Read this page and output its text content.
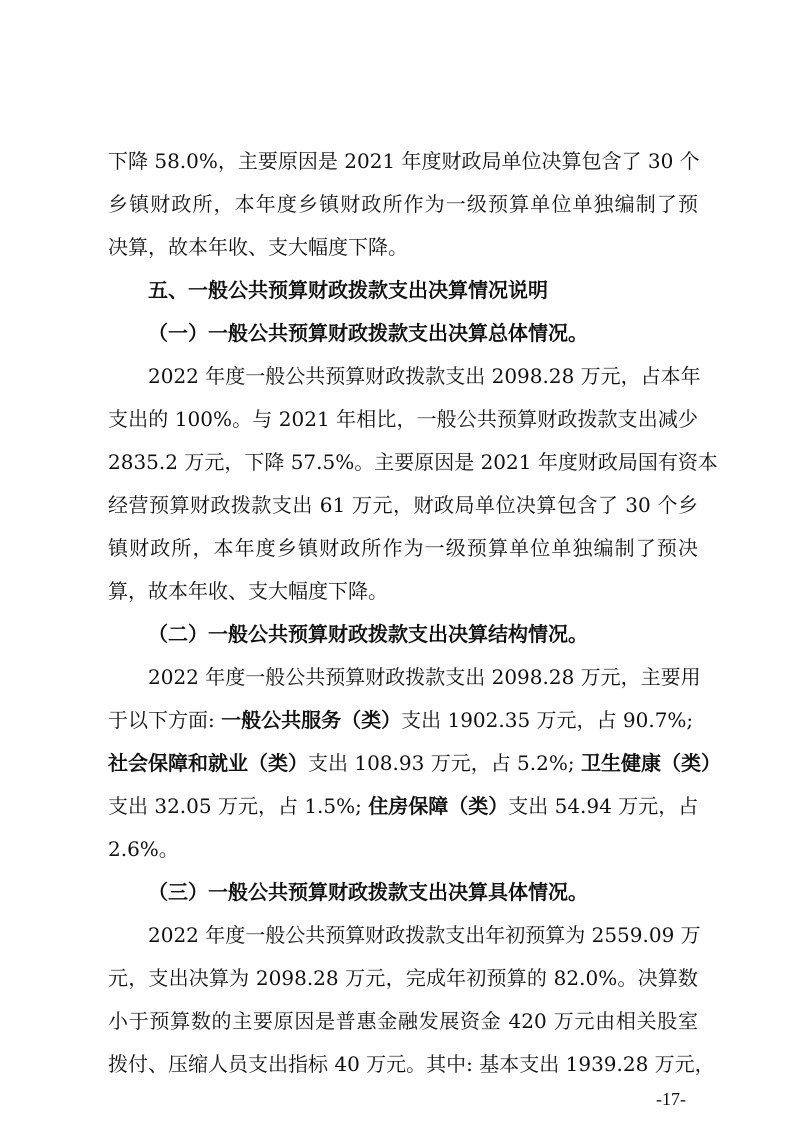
下降 58.0%，主要原因是 2021 年度财政局单位决算包含了 30 个
乡镇财政所，本年度乡镇财政所作为一级预算单位单独编制了预
决算，故本年收、支大幅度下降。
五、一般公共预算财政拨款支出决算情况说明
（一）一般公共预算财政拨款支出决算总体情况。
2022 年度一般公共预算财政拨款支出 2098.28 万元，占本年
支出的 100%。与 2021 年相比，一般公共预算财政拨款支出减少
2835.2 万元，下降 57.5%。主要原因是 2021 年度财政局国有资本
经营预算财政拨款支出 61 万元，财政局单位决算包含了 30 个乡
镇财政所，本年度乡镇财政所作为一级预算单位单独编制了预决
算，故本年收、支大幅度下降。
（二）一般公共预算财政拨款支出决算结构情况。
2022 年度一般公共预算财政拨款支出 2098.28 万元，主要用
于以下方面: 一般公共服务（类）支出 1902.35 万元，占 90.7%;
社会保障和就业（类）支出 108.93 万元，占 5.2%; 卫生健康（类）
支出 32.05 万元，占 1.5%; 住房保障（类）支出 54.94 万元，占
2.6%。
（三）一般公共预算财政拨款支出决算具体情况。
2022 年度一般公共预算财政拨款支出年初预算为 2559.09 万
元，支出决算为 2098.28 万元，完成年初预算的 82.0%。决算数
小于预算数的主要原因是普惠金融发展资金 420 万元由相关股室
拨付、压缩人员支出指标 40 万元。其中: 基本支出 1939.28 万元，
-17-
